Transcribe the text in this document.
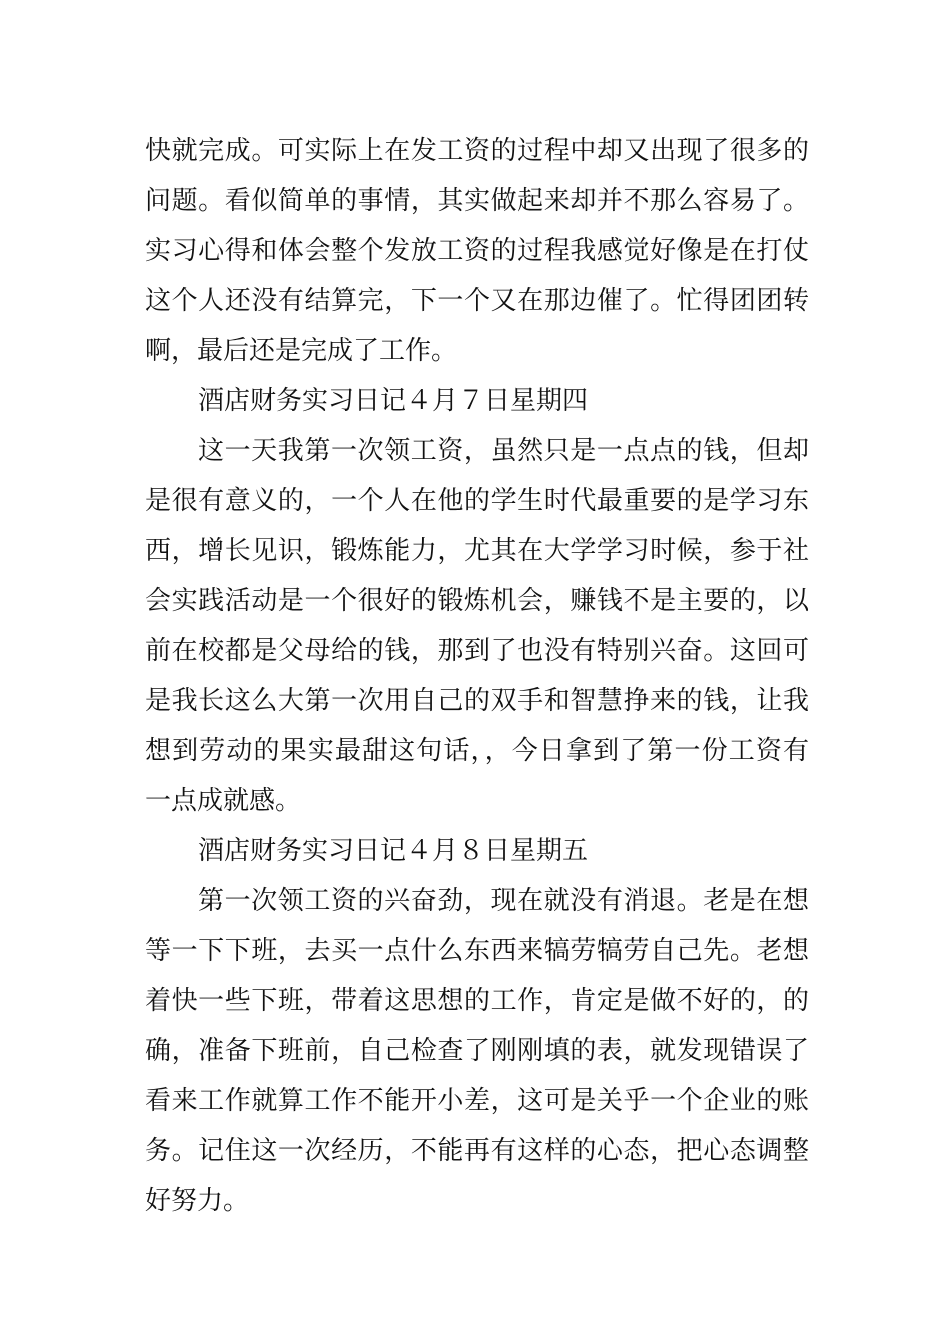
快就完成。可实际上在发工资的过程中却又出现了很多的
问题。看似简单的事情，其实做起来却并不那么容易了。
实习心得和体会整个发放工资的过程我感觉好像是在打仗
这个人还没有结算完，下一个又在那边催了。忙得团团转
啊，最后还是完成了工作。
酒店财务实习日记４月７日星期四
这一天我第一次领工资，虽然只是一点点的钱，但却
是很有意义的，一个人在他的学生时代最重要的是学习东
西，增长见识，锻炼能力，尤其在大学学习时候，参于社
会实践活动是一个很好的锻炼机会，赚钱不是主要的，以
前在校都是父母给的钱，那到了也没有特别兴奋。这回可
是我长这么大第一次用自己的双手和智慧挣来的钱，让我
想到劳动的果实最甜这句话，，今日拿到了第一份工资有
一点成就感。
酒店财务实习日记４月８日星期五
第一次领工资的兴奋劲，现在就没有消退。老是在想
等一下下班，去买一点什么东西来犒劳犒劳自己先。老想
着快一些下班，带着这思想的工作，肯定是做不好的，的
确，准备下班前，自己检查了刚刚填的表，就发现错误了
看来工作就算工作不能开小差，这可是关乎一个企业的账
务。记住这一次经历，不能再有这样的心态，把心态调整
好努力。
